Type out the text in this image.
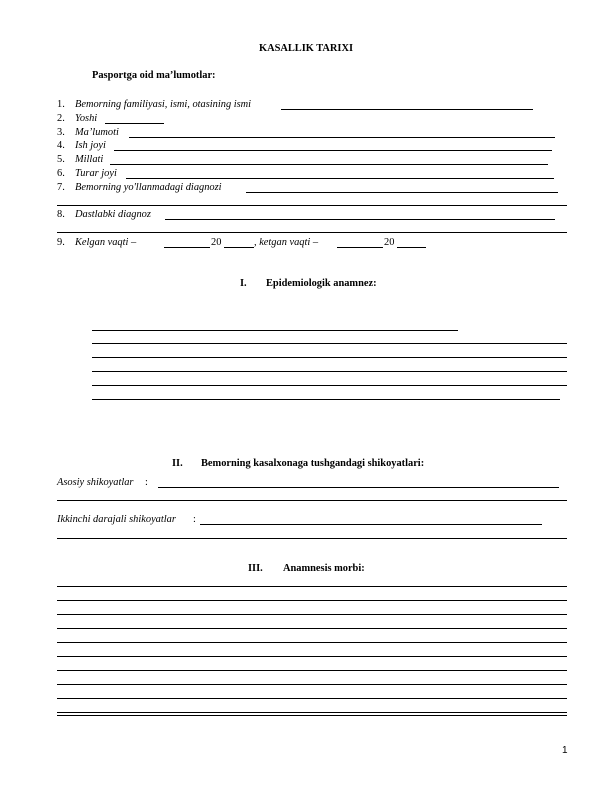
KASALLIK TARIXI
Pasportga oid ma’lumotlar:
1. Bemorning familiyasi, ismi, otasining ismi
2. Yoshi
3. Ma’lumoti
4. Ish joyi
5. Millati
6. Turar joyi
7. Bemorning yo'llanmadagi diagnozi
8. Dastlabki diagnoz
9. Kelgan vaqti –	20	, ketgan vaqti –	20
I. Epidemiologik anamnez:
II. Bemorning kasalxonaga tushgandagi shikoyatlari:
Asosiy shikoyatlar :
Ikkinchi darajali shikoyatlar :
III. Anamnesis morbi:
1
